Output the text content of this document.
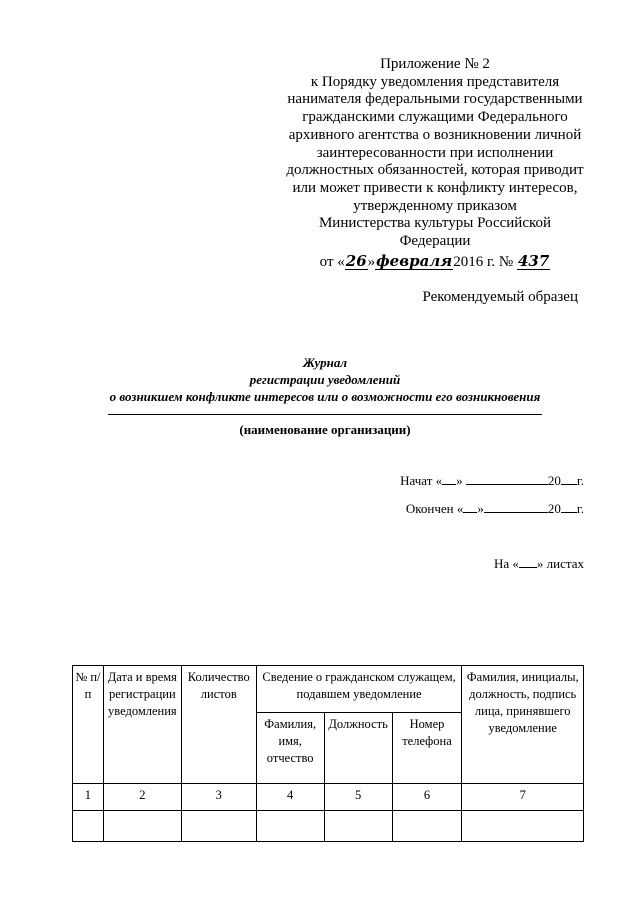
Приложение № 2
к Порядку уведомления представителя
нанимателя федеральными государственными
гражданскими служащими Федерального
архивного агентства о возникновении личной
заинтересованности при исполнении
должностных обязанностей, которая приводит
или может привести к конфликту интересов,
утвержденному приказом
Министерства культуры Российской
Федерации
от «26»февраля2016 г. № 437
Рекомендуемый образец
Журнал
регистрации уведомлений
о возникшем конфликте интересов или о возможности его возникновения
(наименование организации)
Начат « »	20 г.
Окончен « »	20 г.
На « » листах
№ п/п	Дата и время регистрации уведомления	Количество листов	Сведение о гражданском служащем, подавшем уведомление			Фамилия, инициалы, должность, подпись лица, принявшего уведомление
			Фамилия, имя, отчество	Должность	Номер телефона	
1	2	3	4	5	6	7
